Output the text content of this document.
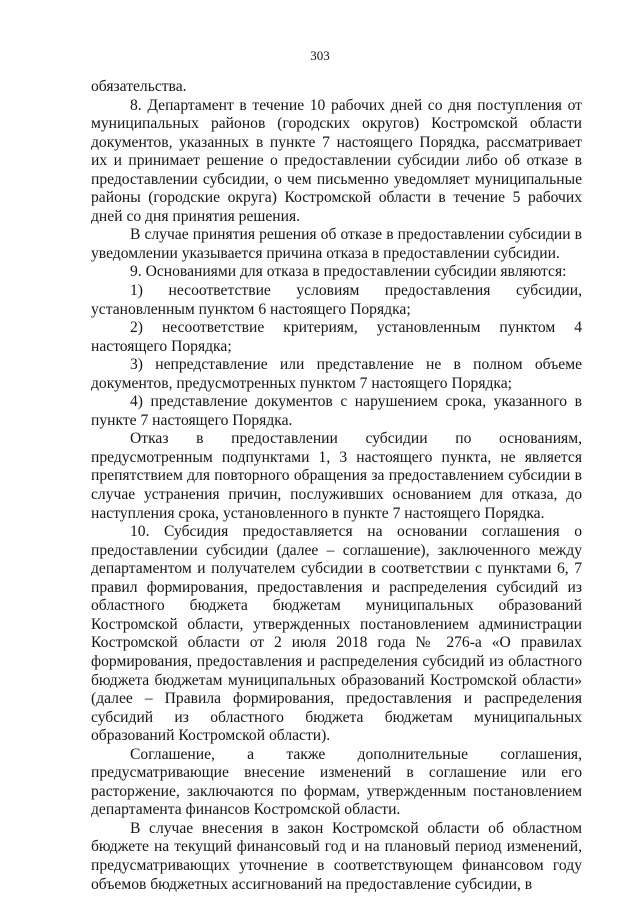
303

обязательства.

8. Департамент в течение 10 рабочих дней со дня поступления от муниципальных районов (городских округов) Костромской области документов, указанных в пункте 7 настоящего Порядка, рассматривает их и принимает решение о предоставлении субсидии либо об отказе в предоставлении субсидии, о чем письменно уведомляет муниципальные районы (городские округа) Костромской области в течение 5 рабочих дней со дня принятия решения.

В случае принятия решения об отказе в предоставлении субсидии в уведомлении указывается причина отказа в предоставлении субсидии.

9. Основаниями для отказа в предоставлении субсидии являются:

1) несоответствие условиям предоставления субсидии, установленным пунктом 6 настоящего Порядка;

2) несоответствие критериям, установленным пунктом 4 настоящего Порядка;

3) непредставление или представление не в полном объеме документов, предусмотренных пунктом 7 настоящего Порядка;

4) представление документов с нарушением срока, указанного в пункте 7 настоящего Порядка.

Отказ в предоставлении субсидии по основаниям, предусмотренным подпунктами 1, 3 настоящего пункта, не является препятствием для повторного обращения за предоставлением субсидии в случае устранения причин, послуживших основанием для отказа, до наступления срока, установленного в пункте 7 настоящего Порядка.

10. Субсидия предоставляется на основании соглашения о предоставлении субсидии (далее – соглашение), заключенного между департаментом и получателем субсидии в соответствии с пунктами 6, 7 правил формирования, предоставления и распределения субсидий из областного бюджета бюджетам муниципальных образований Костромской области, утвержденных постановлением администрации Костромской области от 2 июля 2018 года № 276-а «О правилах формирования, предоставления и распределения субсидий из областного бюджета бюджетам муниципальных образований Костромской области» (далее – Правила формирования, предоставления и распределения субсидий из областного бюджета бюджетам муниципальных образований Костромской области).

Соглашение, а также дополнительные соглашения, предусматривающие внесение изменений в соглашение или его расторжение, заключаются по формам, утвержденным постановлением департамента финансов Костромской области.

В случае внесения в закон Костромской области об областном бюджете на текущий финансовый год и на плановый период изменений, предусматривающих уточнение в соответствующем финансовом году объемов бюджетных ассигнований на предоставление субсидии, в
